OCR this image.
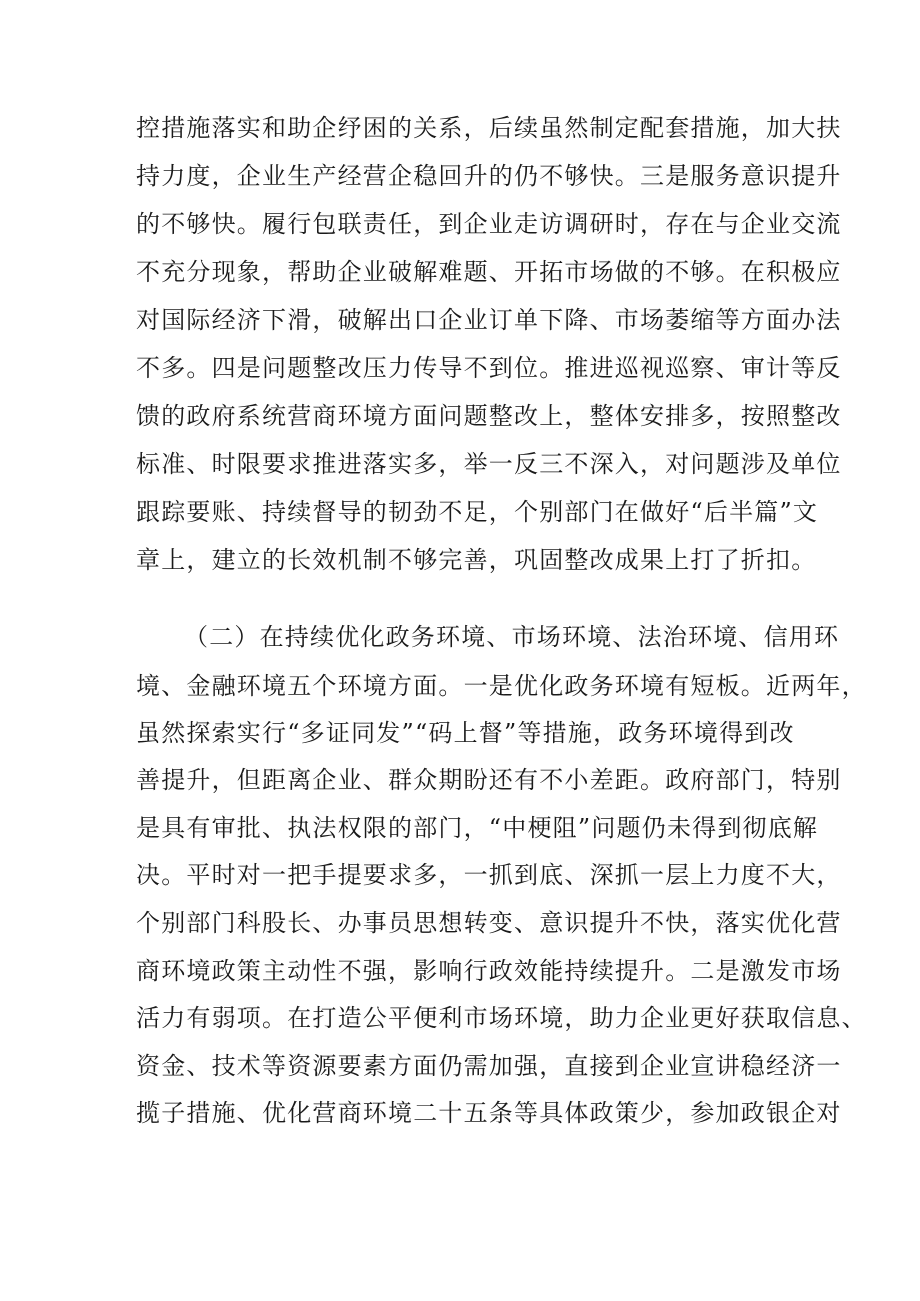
控措施落实和助企纾困的关系，后续虽然制定配套措施，加大扶
持力度，企业生产经营企稳回升的仍不够快。三是服务意识提升
的不够快。履行包联责任，到企业走访调研时，存在与企业交流
不充分现象，帮助企业破解难题、开拓市场做的不够。在积极应
对国际经济下滑，破解出口企业订单下降、市场萎缩等方面办法
不多。四是问题整改压力传导不到位。推进巡视巡察、审计等反
馈的政府系统营商环境方面问题整改上，整体安排多，按照整改
标准、时限要求推进落实多，举一反三不深入，对问题涉及单位
跟踪要账、持续督导的韧劲不足，个别部门在做好“后半篇”文
章上，建立的长效机制不够完善，巩固整改成果上打了折扣。
（二）在持续优化政务环境、市场环境、法治环境、信用环
境、金融环境五个环境方面。一是优化政务环境有短板。近两年，
虽然探索实行“多证同发”“码上督”等措施，政务环境得到改
善提升，但距离企业、群众期盼还有不小差距。政府部门，特别
是具有审批、执法权限的部门，“中梗阻”问题仍未得到彻底解
决。平时对一把手提要求多，一抓到底、深抓一层上力度不大，
个别部门科股长、办事员思想转变、意识提升不快，落实优化营
商环境政策主动性不强，影响行政效能持续提升。二是激发市场
活力有弱项。在打造公平便利市场环境，助力企业更好获取信息、
资金、技术等资源要素方面仍需加强，直接到企业宣讲稳经济一
揽子措施、优化营商环境二十五条等具体政策少，参加政银企对
